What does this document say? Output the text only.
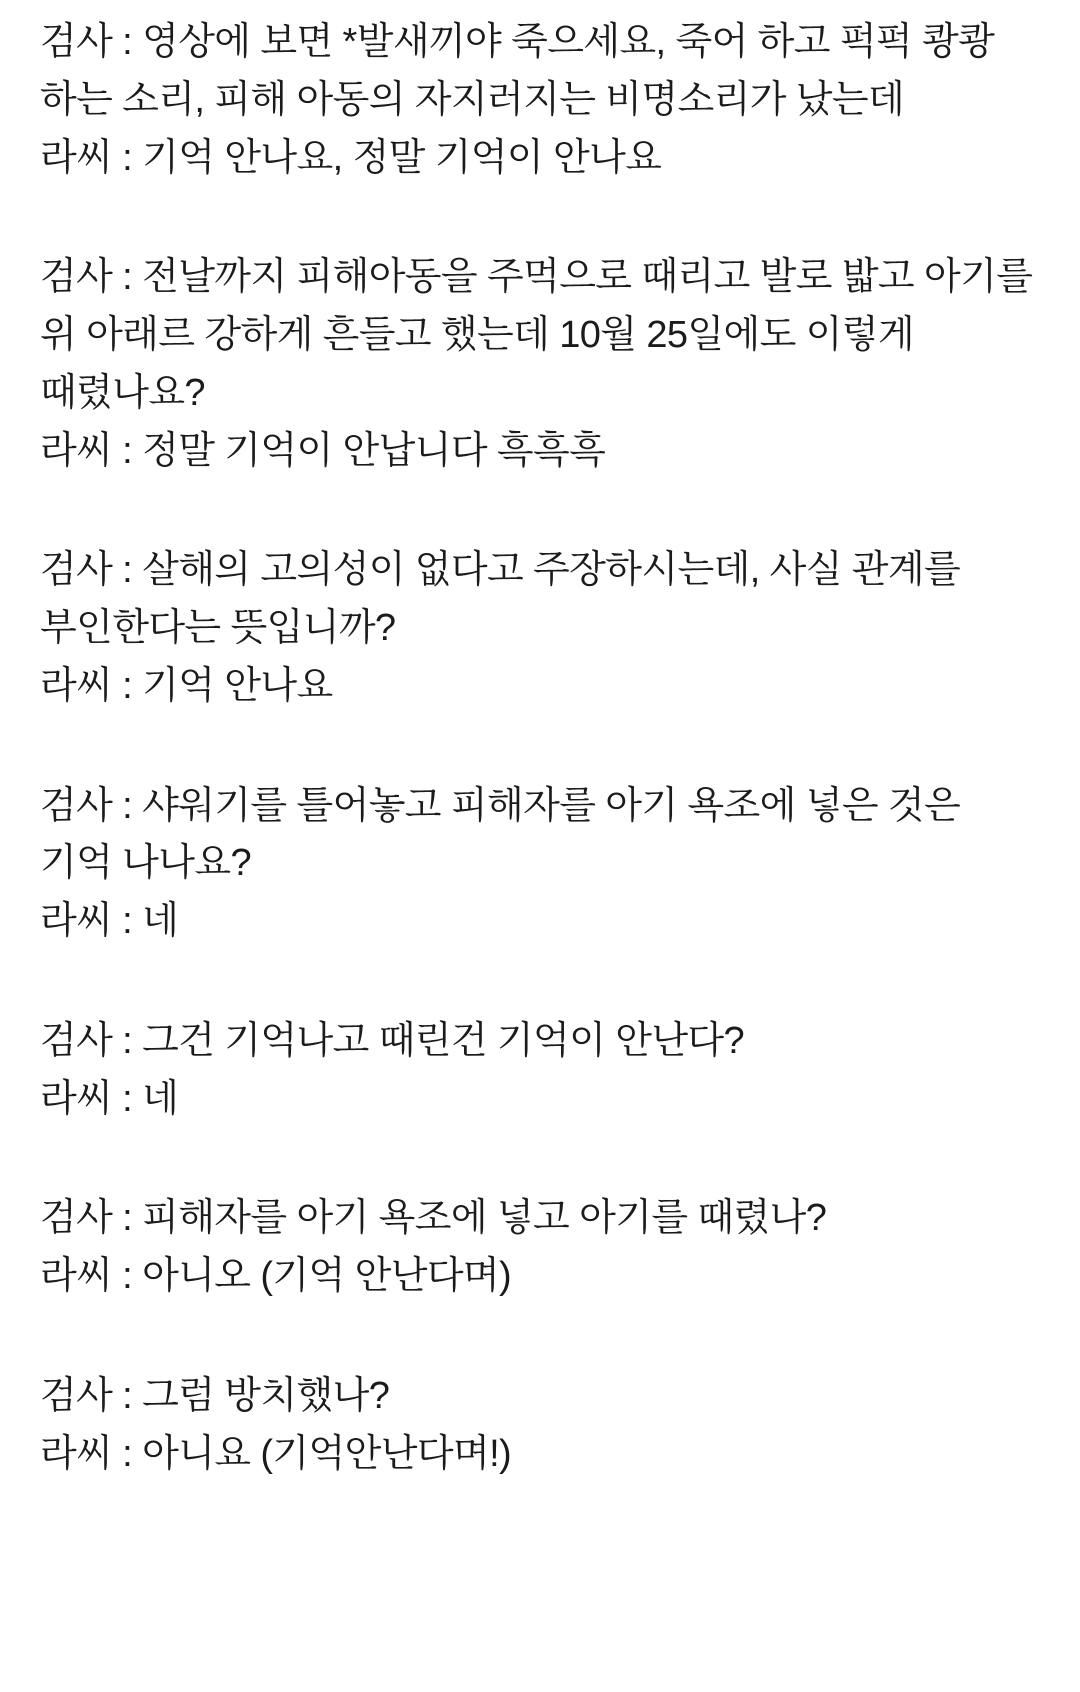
검사 : 영상에 보면 *발새끼야 죽으세요, 죽어 하고 퍽퍽 쾅쾅 하는 소리, 피해 아동의 자지러지는 비명소리가 났는데

라씨 : 기억 안나요, 정말 기억이 안나요

검사 : 전날까지 피해아동을 주먹으로 때리고 발로 밟고 아기를 위 아래르 강하게 흔들고 했는데 10월 25일에도 이렇게 때렸나요?

라씨 : 정말 기억이 안납니다 흑흑흑

검사 : 살해의 고의성이 없다고 주장하시는데, 사실 관계를 부인한다는 뜻입니까?

라씨 : 기억 안나요

검사 : 샤워기를 틀어놓고 피해자를 아기 욕조에 넣은 것은 기억 나나요?

라씨 : 네

검사 : 그건 기억나고 때린건 기억이 안난다?

라씨 : 네

검사 : 피해자를 아기 욕조에 넣고 아기를 때렸나?

라씨 : 아니오 (기억 안난다며)

검사 : 그럼 방치했나?

라씨 : 아니요 (기억안난다며!)
